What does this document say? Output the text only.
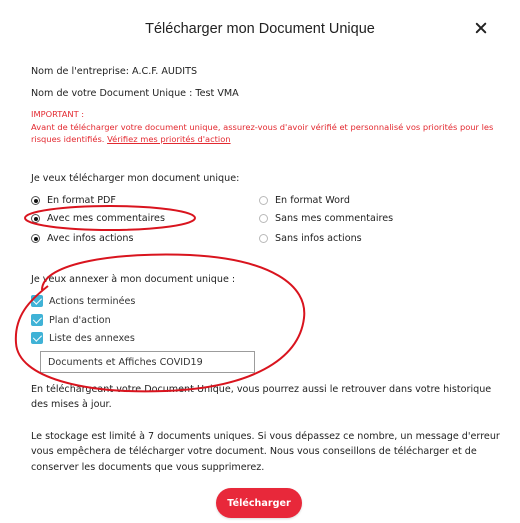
Télécharger mon Document Unique
Nom de l'entreprise: A.C.F. AUDITS
Nom de votre Document Unique : Test VMA
IMPORTANT :
Avant de télécharger votre document unique, assurez-vous d'avoir vérifié et personnalisé vos priorités pour les risques identifiés. Vérifiez mes priorités d'action
Je veux télécharger mon document unique:
En format PDF	En format Word
Avec mes commentaires	Sans mes commentaires
Avec infos actions	Sans infos actions
Je veux annexer à mon document unique :
Actions terminées
Plan d'action
Liste des annexes
Documents et Affiches COVID19
En téléchargeant votre Document Unique, vous pourrez aussi le retrouver dans votre historique des mises à jour.
Le stockage est limité à 7 documents uniques. Si vous dépassez ce nombre, un message d'erreur vous empêchera de télécharger votre document. Nous vous conseillons de télécharger et de conserver les documents que vous supprimerez.
Télécharger
